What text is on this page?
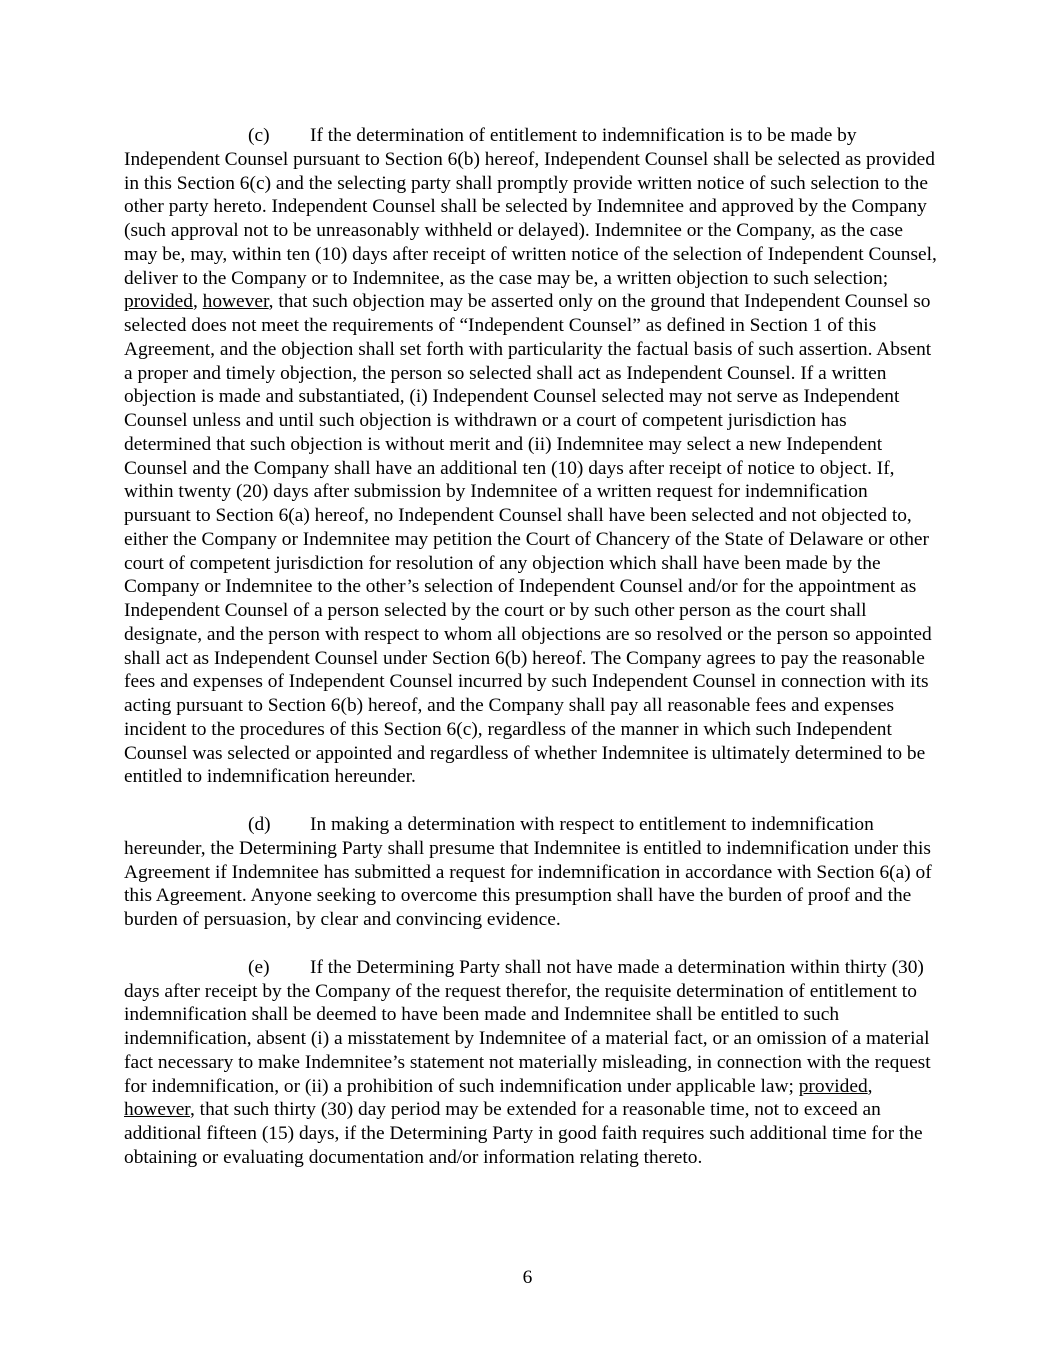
(c) If the determination of entitlement to indemnification is to be made by Independent Counsel pursuant to Section 6(b) hereof, Independent Counsel shall be selected as provided in this Section 6(c) and the selecting party shall promptly provide written notice of such selection to the other party hereto. Independent Counsel shall be selected by Indemnitee and approved by the Company (such approval not to be unreasonably withheld or delayed). Indemnitee or the Company, as the case may be, may, within ten (10) days after receipt of written notice of the selection of Independent Counsel, deliver to the Company or to Indemnitee, as the case may be, a written objection to such selection; provided, however, that such objection may be asserted only on the ground that Independent Counsel so selected does not meet the requirements of “Independent Counsel” as defined in Section 1 of this Agreement, and the objection shall set forth with particularity the factual basis of such assertion. Absent a proper and timely objection, the person so selected shall act as Independent Counsel. If a written objection is made and substantiated, (i) Independent Counsel selected may not serve as Independent Counsel unless and until such objection is withdrawn or a court of competent jurisdiction has determined that such objection is without merit and (ii) Indemnitee may select a new Independent Counsel and the Company shall have an additional ten (10) days after receipt of notice to object. If, within twenty (20) days after submission by Indemnitee of a written request for indemnification pursuant to Section 6(a) hereof, no Independent Counsel shall have been selected and not objected to, either the Company or Indemnitee may petition the Court of Chancery of the State of Delaware or other court of competent jurisdiction for resolution of any objection which shall have been made by the Company or Indemnitee to the other’s selection of Independent Counsel and/or for the appointment as Independent Counsel of a person selected by the court or by such other person as the court shall designate, and the person with respect to whom all objections are so resolved or the person so appointed shall act as Independent Counsel under Section 6(b) hereof. The Company agrees to pay the reasonable fees and expenses of Independent Counsel incurred by such Independent Counsel in connection with its acting pursuant to Section 6(b) hereof, and the Company shall pay all reasonable fees and expenses incident to the procedures of this Section 6(c), regardless of the manner in which such Independent Counsel was selected or appointed and regardless of whether Indemnitee is ultimately determined to be entitled to indemnification hereunder.

(d) In making a determination with respect to entitlement to indemnification hereunder, the Determining Party shall presume that Indemnitee is entitled to indemnification under this Agreement if Indemnitee has submitted a request for indemnification in accordance with Section 6(a) of this Agreement. Anyone seeking to overcome this presumption shall have the burden of proof and the burden of persuasion, by clear and convincing evidence.

(e) If the Determining Party shall not have made a determination within thirty (30) days after receipt by the Company of the request therefor, the requisite determination of entitlement to indemnification shall be deemed to have been made and Indemnitee shall be entitled to such indemnification, absent (i) a misstatement by Indemnitee of a material fact, or an omission of a material fact necessary to make Indemnitee’s statement not materially misleading, in connection with the request for indemnification, or (ii) a prohibition of such indemnification under applicable law; provided, however, that such thirty (30) day period may be extended for a reasonable time, not to exceed an additional fifteen (15) days, if the Determining Party in good faith requires such additional time for the obtaining or evaluating documentation and/or information relating thereto.

6
